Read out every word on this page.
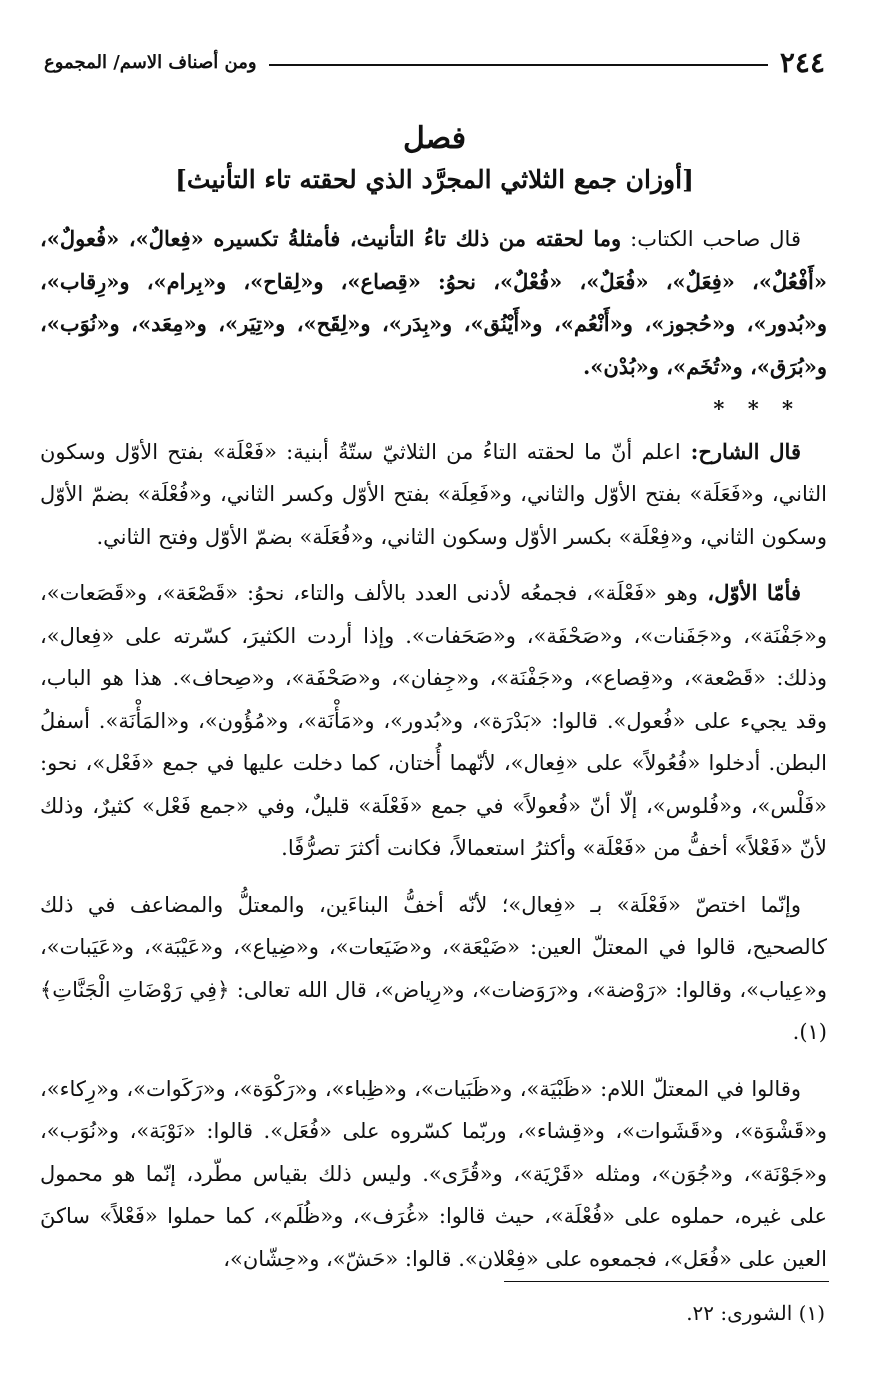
٢٤٤
ومن أصناف الاسم/ المجموع
فصل
[أوزان جمع الثلاثي المجرَّد الذي لحقته تاء التأنيث]

قال صاحب الكتاب: وما لحقته من ذلك تاءُ التأنيث، فأمثلةُ تكسيره «فِعالٌ»، «فُعولٌ»، «أَفْعُلٌ»، «فِعَلٌ»، «فُعَلٌ»، «فُعْلٌ»، نحوُ: «قِصاع»، و«لِقاح»، و«بِرام»، و«رِقاب»، و«بُدور»، و«حُجوز»، و«أَنْعُم»، و«أَيْنُق»، و«بِدَر»، و«لِقَح»، و«تِيَر»، و«مِعَد»، و«نُوَب»، و«بُرَق»، و«تُخَم»، و«بُدْن».

* * *

قال الشارح: اعلم أنّ ما لحقته التاءُ من الثلاثيّ ستّةُ أبنية: «فَعْلَة» بفتح الأوّل وسكون الثاني، و«فَعَلَة» بفتح الأوّل والثاني، و«فَعِلَة» بفتح الأوّل وكسر الثاني، و«فُعْلَة» بضمّ الأوّل وسكون الثاني، و«فِعْلَة» بكسر الأوّل وسكون الثاني، و«فُعَلَة» بضمّ الأوّل وفتح الثاني.

فأمّا الأوّل، وهو «فَعْلَة»، فجمعُه لأدنى العدد بالألف والتاء، نحوُ: «قَصْعَة»، و«قَصَعات»، و«جَفْنَة»، و«جَفَنات»، و«صَحْفَة»، و«صَحَفات». وإذا أردت الكثيرَ، كسّرته على «فِعال»، وذلك: «قَصْعة»، و«قِصاع»، و«جَفْنَة»، و«جِفان»، و«صَحْفَة»، و«صِحاف». هذا هو الباب، وقد يجيء على «فُعول». قالوا: «بَدْرَة»، و«بُدور»، و«مَأْنَة»، و«مُؤُون»، و«المَأْنَة». أسفلُ البطن. أدخلوا «فُعُولاً» على «فِعال»، لأنّهما أُختان، كما دخلت عليها في جمع «فَعْل»، نحو: «فَلْس»، و«فُلوس»، إلّا أنّ «فُعولاً» في جمع «فَعْلَة» قليلٌ، وفي «جمع فَعْل» كثيرٌ، وذلك لأنّ «فَعْلاً» أخفُّ من «فَعْلَة» وأكثرُ استعمالاً، فكانت أكثرَ تصرُّفًا.

وإنّما اختصّ «فَعْلَة» بـ «فِعال»؛ لأنّه أخفُّ البناءَين، والمعتلُّ والمضاعف في ذلك كالصحيح، قالوا في المعتلّ العين: «ضَيْعَة»، و«ضَيَعات»، و«ضِياع»، و«عَيْبَة»، و«عَيَبات»، و«عِياب»، وقالوا: «رَوْضة»، و«رَوَضات»، و«رِياض»، قال الله تعالى: ﴿فِي رَوْضَاتِ الْجَنَّاتِ﴾(١).

وقالوا في المعتلّ اللام: «ظَبْيَة»، و«ظَبَيات»، و«ظِباء»، و«رَكْوَة»، و«رَكَوات»، و«رِكاء»، و«قَشْوَة»، و«قَشَوات»، و«قِشاء»، وربّما كسّروه على «فُعَل». قالوا: «نَوْبَة»، و«نُوَب»، و«جَوْنَة»، و«جُوَن»، ومثله «قَرْيَة»، و«قُرًى». وليس ذلك بقياس مطّرد، إنّما هو محمول على غيره، حملوه على «فُعْلَة»، حيث قالوا: «غُرَف»، و«ظُلَم»، كما حملوا «فَعْلاً» ساكنَ العين على «فُعَل»، فجمعوه على «فِعْلان». قالوا: «حَشّ»، و«حِشّان»،

(١) الشورى: ٢٢.
